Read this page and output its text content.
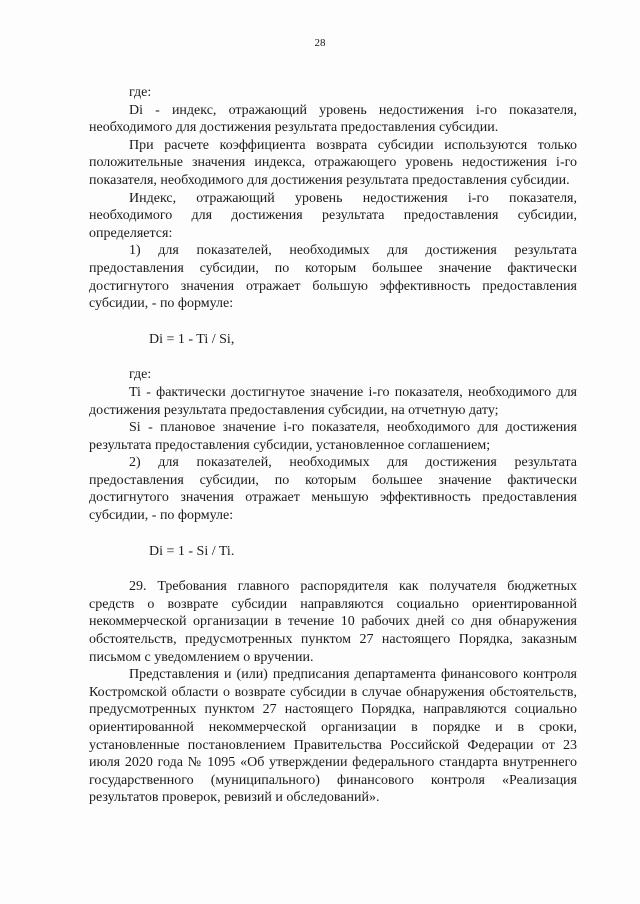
28

где:

Di - индекс, отражающий уровень недостижения i-го показателя, необходимого для достижения результата предоставления субсидии.

При расчете коэффициента возврата субсидии используются только положительные значения индекса, отражающего уровень недостижения i-го показателя, необходимого для достижения результата предоставления субсидии.

Индекс, отражающий уровень недостижения i-го показателя, необходимого для достижения результата предоставления субсидии, определяется:

1) для показателей, необходимых для достижения результата предоставления субсидии, по которым большее значение фактически достигнутого значения отражает большую эффективность предоставления субсидии, - по формуле:

Di = 1 - Ti / Si,

где:

Ti - фактически достигнутое значение i-го показателя, необходимого для достижения результата предоставления субсидии, на отчетную дату;

Si - плановое значение i-го показателя, необходимого для достижения результата предоставления субсидии, установленное соглашением;

2) для показателей, необходимых для достижения результата предоставления субсидии, по которым большее значение фактически достигнутого значения отражает меньшую эффективность предоставления субсидии, - по формуле:

Di = 1 - Si / Ti.

29. Требования главного распорядителя как получателя бюджетных средств о возврате субсидии направляются социально ориентированной некоммерческой организации в течение 10 рабочих дней со дня обнаружения обстоятельств, предусмотренных пунктом 27 настоящего Порядка, заказным письмом с уведомлением о вручении.

Представления и (или) предписания департамента финансового контроля Костромской области о возврате субсидии в случае обнаружения обстоятельств, предусмотренных пунктом 27 настоящего Порядка, направляются социально ориентированной некоммерческой организации в порядке и в сроки, установленные постановлением Правительства Российской Федерации от 23 июля 2020 года № 1095 «Об утверждении федерального стандарта внутреннего государственного (муниципального) финансового контроля «Реализация результатов проверок, ревизий и обследований».
